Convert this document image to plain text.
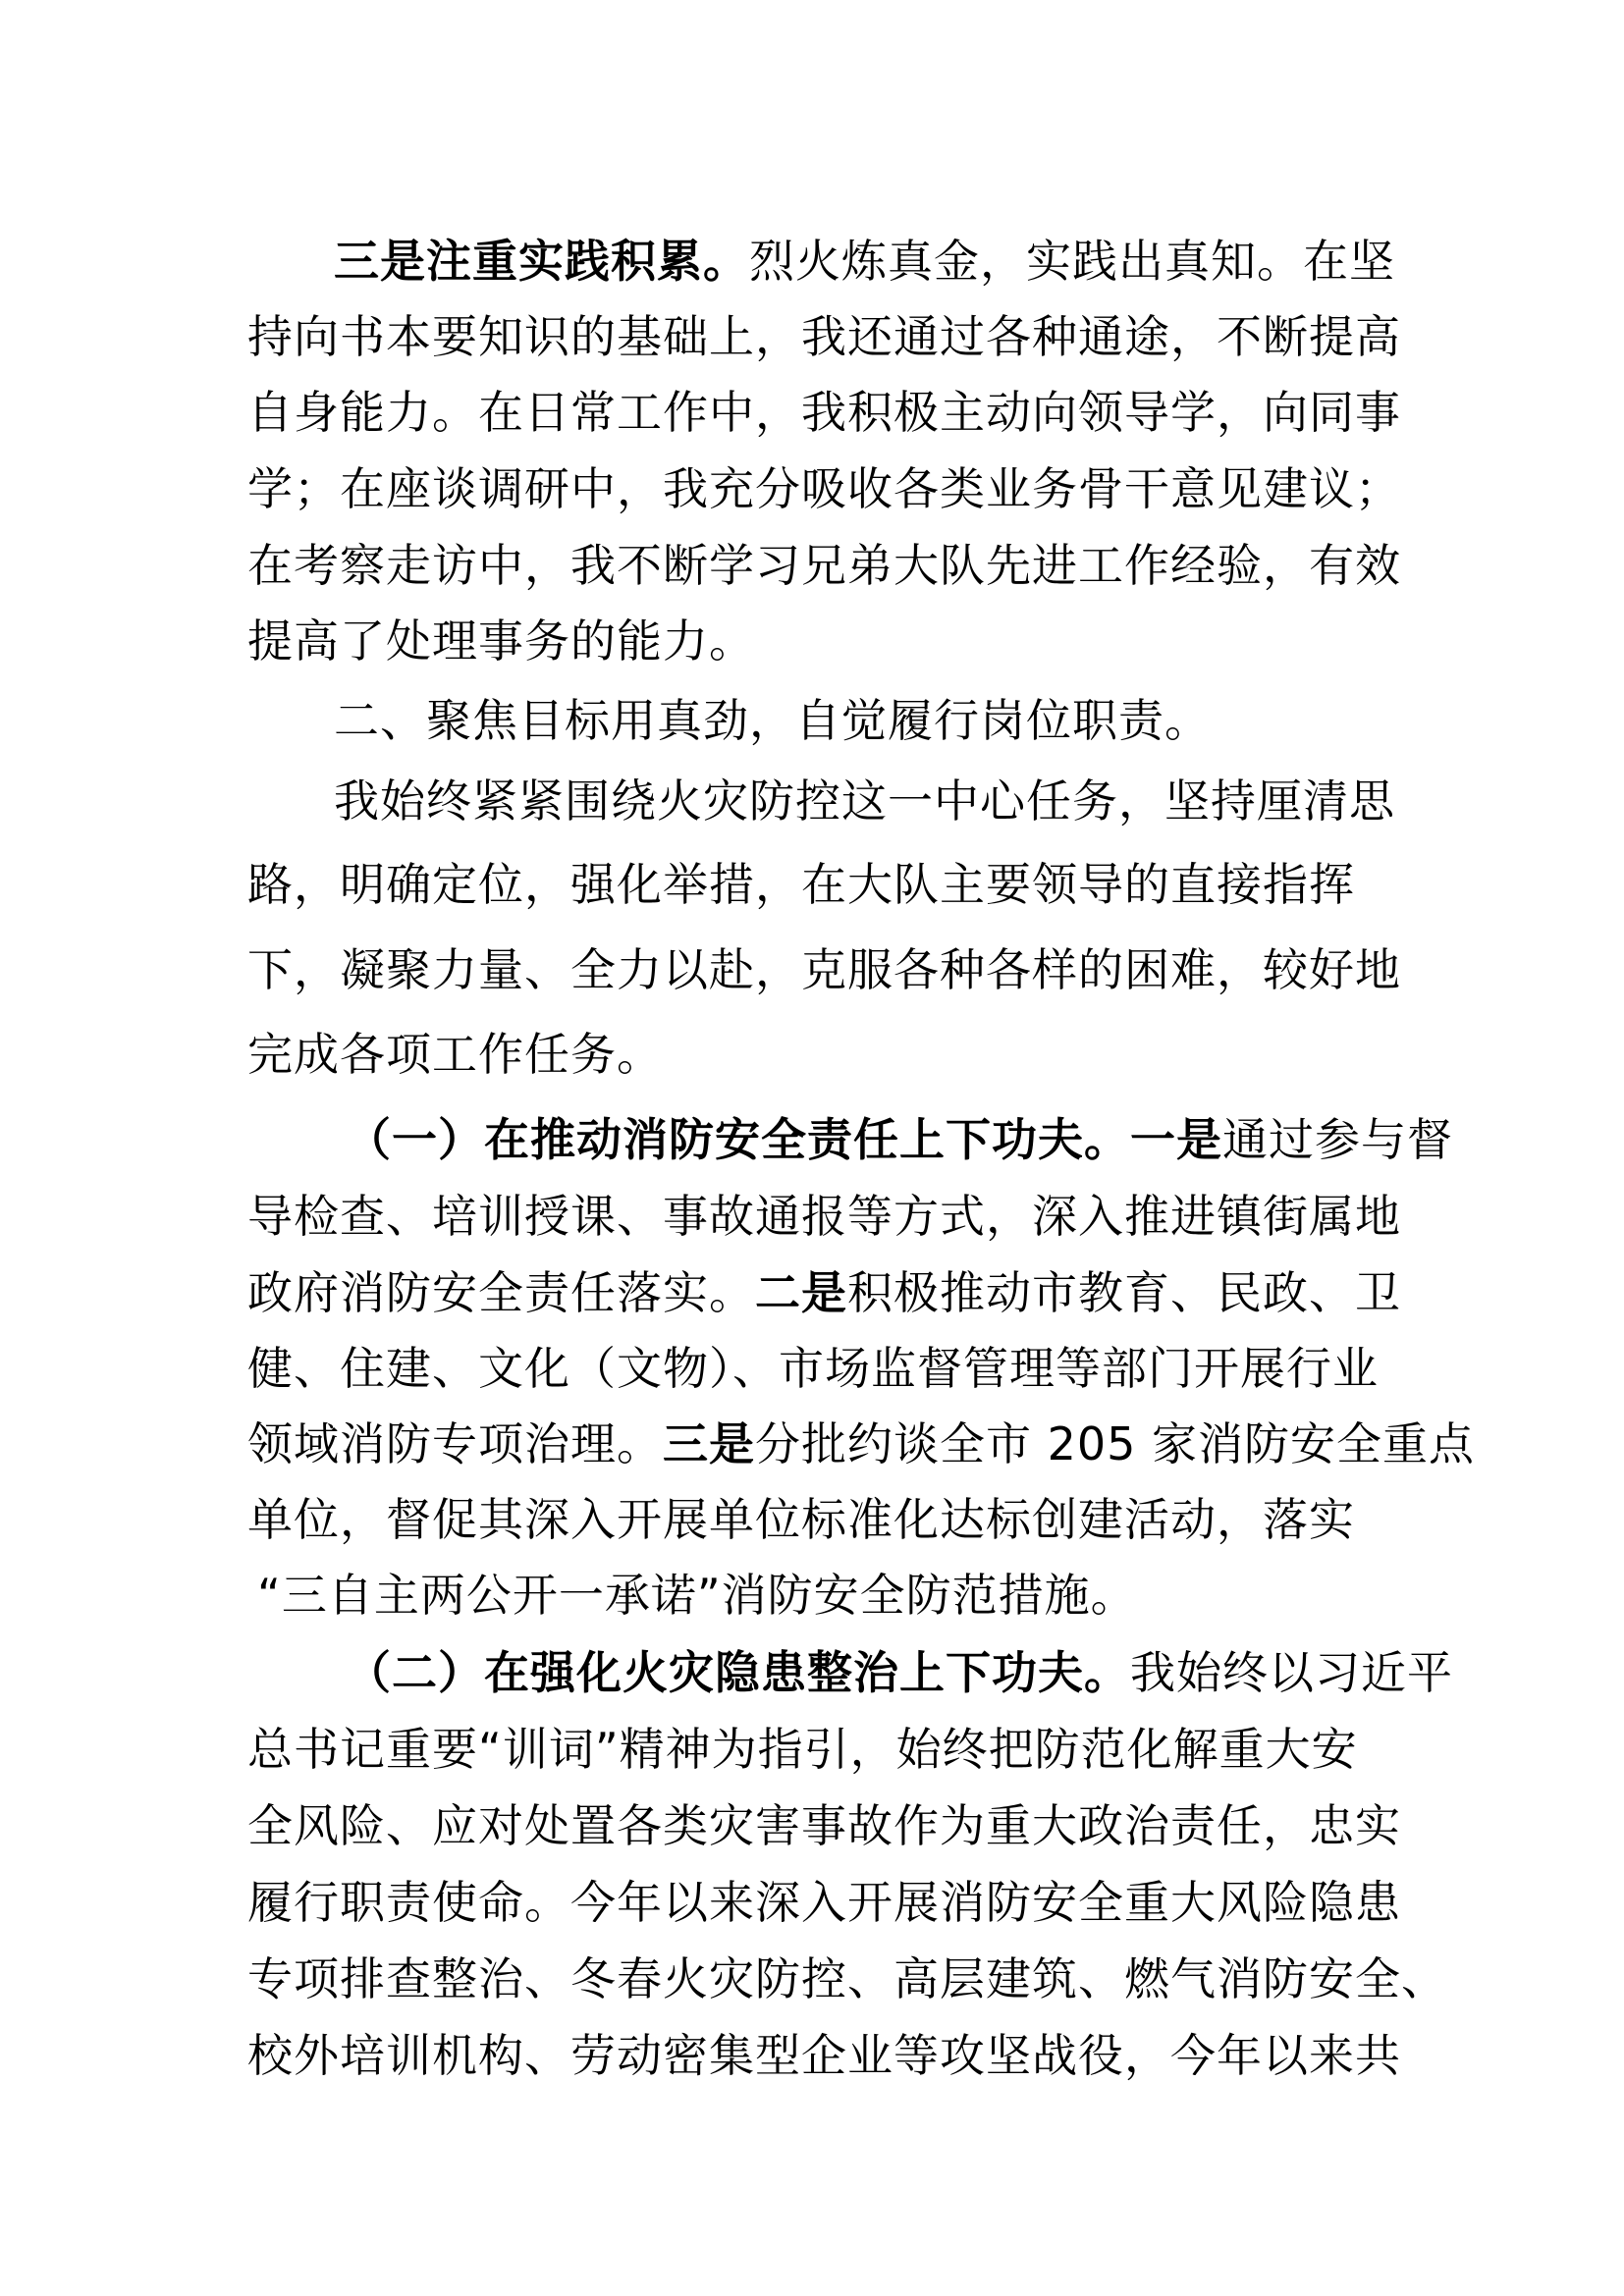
三是注重实践积累。烈火炼真金，实践出真知。在坚
持向书本要知识的基础上，我还通过各种通途，不断提高
自身能力。在日常工作中，我积极主动向领导学，向同事
学；在座谈调研中，我充分吸收各类业务骨干意见建议；
在考察走访中，我不断学习兄弟大队先进工作经验，有效
提高了处理事务的能力。
二、聚焦目标用真劲，自觉履行岗位职责。
我始终紧紧围绕火灾防控这一中心任务，坚持厘清思
路，明确定位，强化举措，在大队主要领导的直接指挥
下，凝聚力量、全力以赴，克服各种各样的困难，较好地
完成各项工作任务。
（一）在推动消防安全责任上下功夫。一是通过参与督
导检查、培训授课、事故通报等方式，深入推进镇街属地
政府消防安全责任落实。二是积极推动市教育、民政、卫
健、住建、文化（文物）、市场监督管理等部门开展行业
领域消防专项治理。三是分批约谈全市 205 家消防安全重点
单位，督促其深入开展单位标准化达标创建活动，落实
“三自主两公开一承诺”消防安全防范措施。
（二）在强化火灾隐患整治上下功夫。我始终以习近平
总书记重要“训词”精神为指引，始终把防范化解重大安
全风险、应对处置各类灾害事故作为重大政治责任，忠实
履行职责使命。今年以来深入开展消防安全重大风险隐患
专项排查整治、冬春火灾防控、高层建筑、燃气消防安全、
校外培训机构、劳动密集型企业等攻坚战役，今年以来共
